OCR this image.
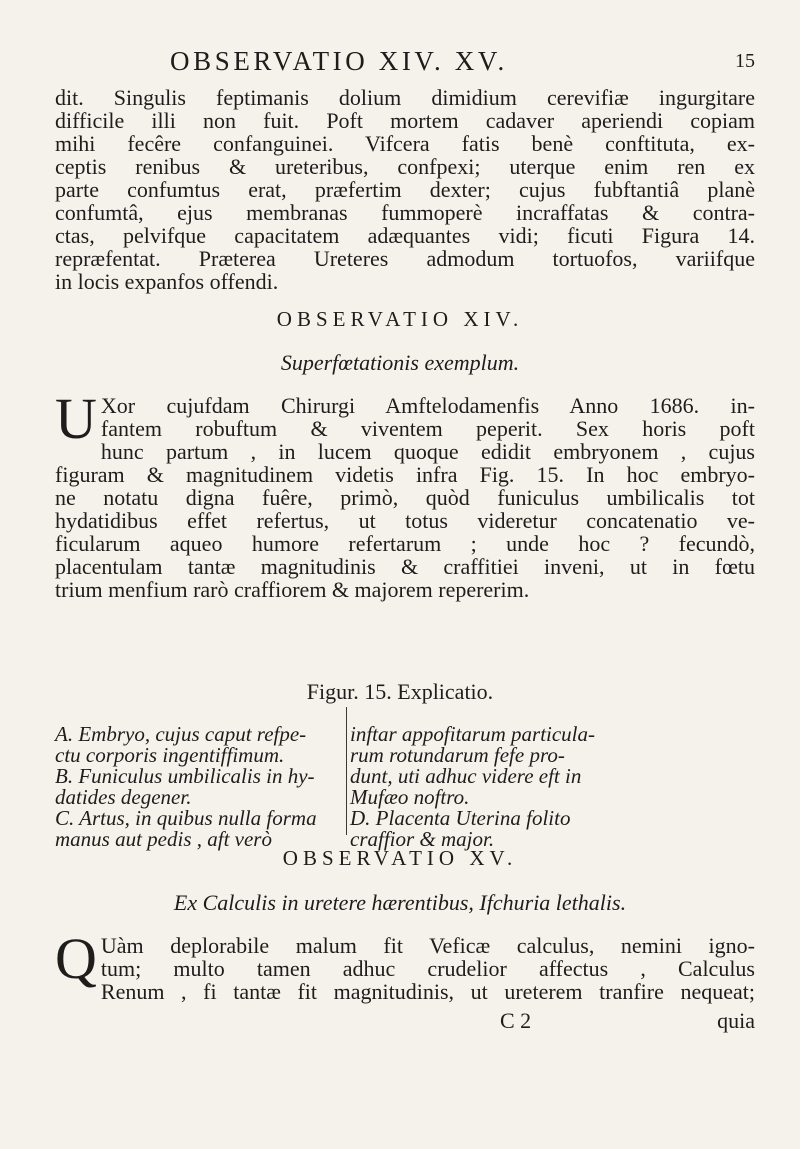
OBSERVATIO XIV. XV.	15
dit. Singulis feptimanis dolium dimidium cerevifiæ ingurgitare
difficile illi non fuit. Poft mortem cadaver aperiendi copiam
mihi fecêre confanguinei. Vifcera fatis benè conftituta, ex-
ceptis renibus & ureteribus, confpexi; uterque enim ren ex
parte confumtus erat, præfertim dexter; cujus fubftantiâ planè
confumtâ, ejus membranas fummoperè incraffatas & contra-
ctas, pelvifque capacitatem adæquantes vidi; ficuti Figura 14.
repræfentat. Præterea Ureteres admodum tortuofos, variifque
in locis expanfos offendi.
OBSERVATIO XIV.
Superfœtationis exemplum.
U Xor cujufdam Chirurgi Amftelodamenfis Anno 1686. in-
fantem robuftum & viventem peperit. Sex horis poft
hunc partum , in lucem quoque edidit embryonem , cujus
figuram & magnitudinem videtis infra Fig. 15. In hoc embryo-
ne notatu digna fuêre, primò, quòd funiculus umbilicalis tot
hydatidibus effet refertus, ut totus videretur concatenatio ve-
ficularum aqueo humore refertarum ; unde hoc ? fecundò,
placentulam tantæ magnitudinis & craffitiei inveni, ut in fœtu
trium menfium rarò craffiorem & majorem repererim.
Figur. 15. Explicatio.
A. Embryo, cujus caput refpe-
ctu corporis ingentiffimum.
B. Funiculus umbilicalis in hy-
datides degener.
C. Artus, in quibus nulla forma
manus aut pedis , aft verò
inftar appofitarum particula-
rum rotundarum fefe pro-
dunt, uti adhuc videre eft in
Mufæo noftro.
D. Placenta Uterina folito
craffior & major.
OBSERVATIO XV.
Ex Calculis in uretere hærentibus, Ifchuria lethalis.
Q Uàm deplorabile malum fit Veficæ calculus, nemini igno-
tum; multo tamen adhuc crudelior affectus , Calculus
Renum , fi tantæ fit magnitudinis, ut ureterem tranfire nequeat;
C 2	quia
